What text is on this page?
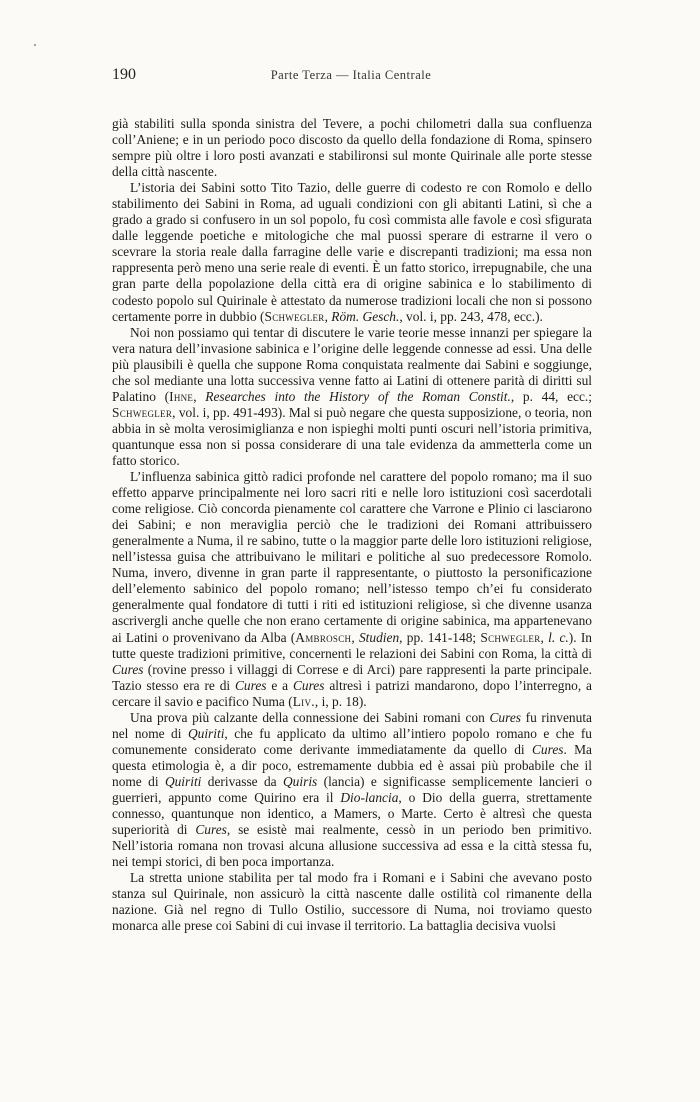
190	Parte Terza — Italia Centrale

già stabiliti sulla sponda sinistra del Tevere, a pochi chilometri dalla sua confluenza coll’Aniene; e in un periodo poco discosto da quello della fondazione di Roma, spinsero sempre più oltre i loro posti avanzati e stabilironsi sul monte Quirinale alle porte stesse della città nascente.

L’istoria dei Sabini sotto Tito Tazio, delle guerre di codesto re con Romolo e dello stabilimento dei Sabini in Roma, ad uguali condizioni con gli abitanti Latini, sì che a grado a grado si confusero in un sol popolo, fu così commista alle favole e così sfigurata dalle leggende poetiche e mitologiche che mal puossi sperare di estrarne il vero o scevrare la storia reale dalla farragine delle varie e discrepanti tradizioni; ma essa non rappresenta però meno una serie reale di eventi. È un fatto storico, irrepugnabile, che una gran parte della popolazione della città era di origine sabinica e lo stabilimento di codesto popolo sul Quirinale è attestato da numerose tradizioni locali che non si possono certamente porre in dubbio (Schwegler, Röm. Gesch., vol. i, pp. 243, 478, ecc.).

Noi non possiamo qui tentar di discutere le varie teorie messe innanzi per spiegare la vera natura dell’invasione sabinica e l’origine delle leggende connesse ad essi. Una delle più plausibili è quella che suppone Roma conquistata realmente dai Sabini e soggiunge, che sol mediante una lotta successiva venne fatto ai Latini di ottenere parità di diritti sul Palatino (Ihne, Researches into the History of the Roman Constit., p. 44, ecc.; Schwegler, vol. i, pp. 491-493). Mal si può negare che questa supposizione, o teoria, non abbia in sè molta verosimiglianza e non ispieghi molti punti oscuri nell’istoria primitiva, quantunque essa non si possa considerare di una tale evidenza da ammetterla come un fatto storico.

L’influenza sabinica gittò radici profonde nel carattere del popolo romano; ma il suo effetto apparve principalmente nei loro sacri riti e nelle loro istituzioni così sacerdotali come religiose. Ciò concorda pienamente col carattere che Varrone e Plinio ci lasciarono dei Sabini; e non meraviglia perciò che le tradizioni dei Romani attribuissero generalmente a Numa, il re sabino, tutte o la maggior parte delle loro istituzioni religiose, nell’istessa guisa che attribuivano le militari e politiche al suo predecessore Romolo. Numa, invero, divenne in gran parte il rappresentante, o piuttosto la personificazione dell’elemento sabinico del popolo romano; nell’istesso tempo ch’ei fu considerato generalmente qual fondatore di tutti i riti ed istituzioni religiose, sì che divenne usanza ascrivergli anche quelle che non erano certamente di origine sabinica, ma appartenevano ai Latini o provenivano da Alba (Ambrosch, Studien, pp. 141-148; Schwegler, l. c.). In tutte queste tradizioni primitive, concernenti le relazioni dei Sabini con Roma, la città di Cures (rovine presso i villaggi di Correse e di Arci) pare rappresenti la parte principale. Tazio stesso era re di Cures e a Cures altresì i patrizi mandarono, dopo l’interregno, a cercare il savio e pacifico Numa (Liv., i, p. 18).

Una prova più calzante della connessione dei Sabini romani con Cures fu rinvenuta nel nome di Quiriti, che fu applicato da ultimo all’intiero popolo romano e che fu comunemente considerato come derivante immediatamente da quello di Cures. Ma questa etimologia è, a dir poco, estremamente dubbia ed è assai più probabile che il nome di Quiriti derivasse da Quiris (lancia) e significasse semplicemente lancieri o guerrieri, appunto come Quirino era il Dio-lancia, o Dio della guerra, strettamente connesso, quantunque non identico, a Mamers, o Marte. Certo è altresì che questa superiorità di Cures, se esistè mai realmente, cessò in un periodo ben primitivo. Nell’istoria romana non trovasi alcuna allusione successiva ad essa e la città stessa fu, nei tempi storici, di ben poca importanza.

La stretta unione stabilita per tal modo fra i Romani e i Sabini che avevano posto stanza sul Quirinale, non assicurò la città nascente dalle ostilità col rimanente della nazione. Già nel regno di Tullo Ostilio, successore di Numa, noi troviamo questo monarca alle prese coi Sabini di cui invase il territorio. La battaglia decisiva vuolsi
